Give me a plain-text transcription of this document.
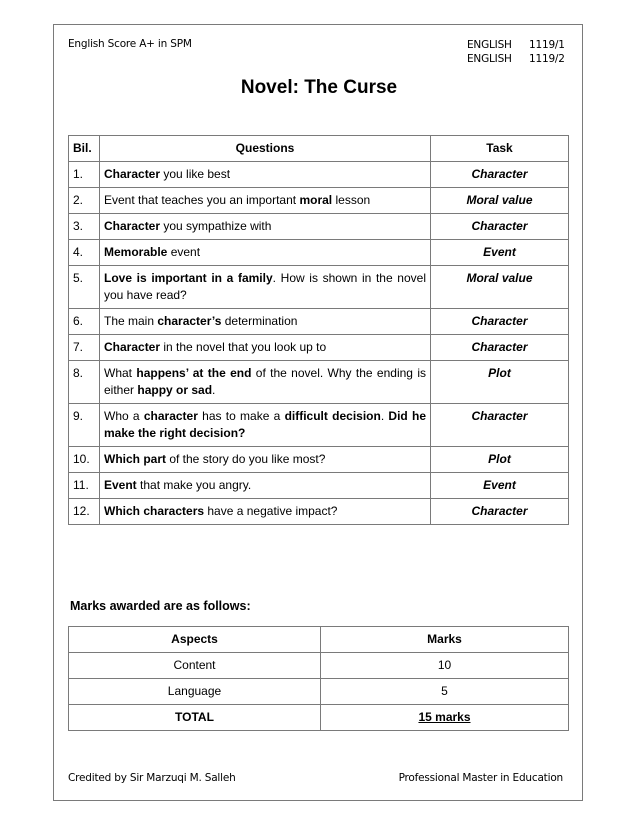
English Score A+ in SPM	ENGLISH	1119/1
ENGLISH	1119/2
Novel: The Curse
Bil.	Questions	Task
1.	Character you like best	Character
2.	Event that teaches you an important moral lesson	Moral value
3.	Character you sympathize with	Character
4.	Memorable event	Event
5.	Love is important in a family. How is shown in the novel you have read?	Moral value
6.	The main character’s determination	Character
7.	Character in the novel that you look up to	Character
8.	What happens’ at the end of the novel. Why the ending is either happy or sad.	Plot
9.	Who a character has to make a difficult decision. Did he make the right decision?	Character
10.	Which part of the story do you like most?	Plot
11.	Event that make you angry.	Event
12.	Which characters have a negative impact?	Character
Marks awarded are as follows:
Aspects	Marks
Content	10
Language	5
TOTAL	15 marks
Credited by Sir Marzuqi M. Salleh	Professional Master in Education
